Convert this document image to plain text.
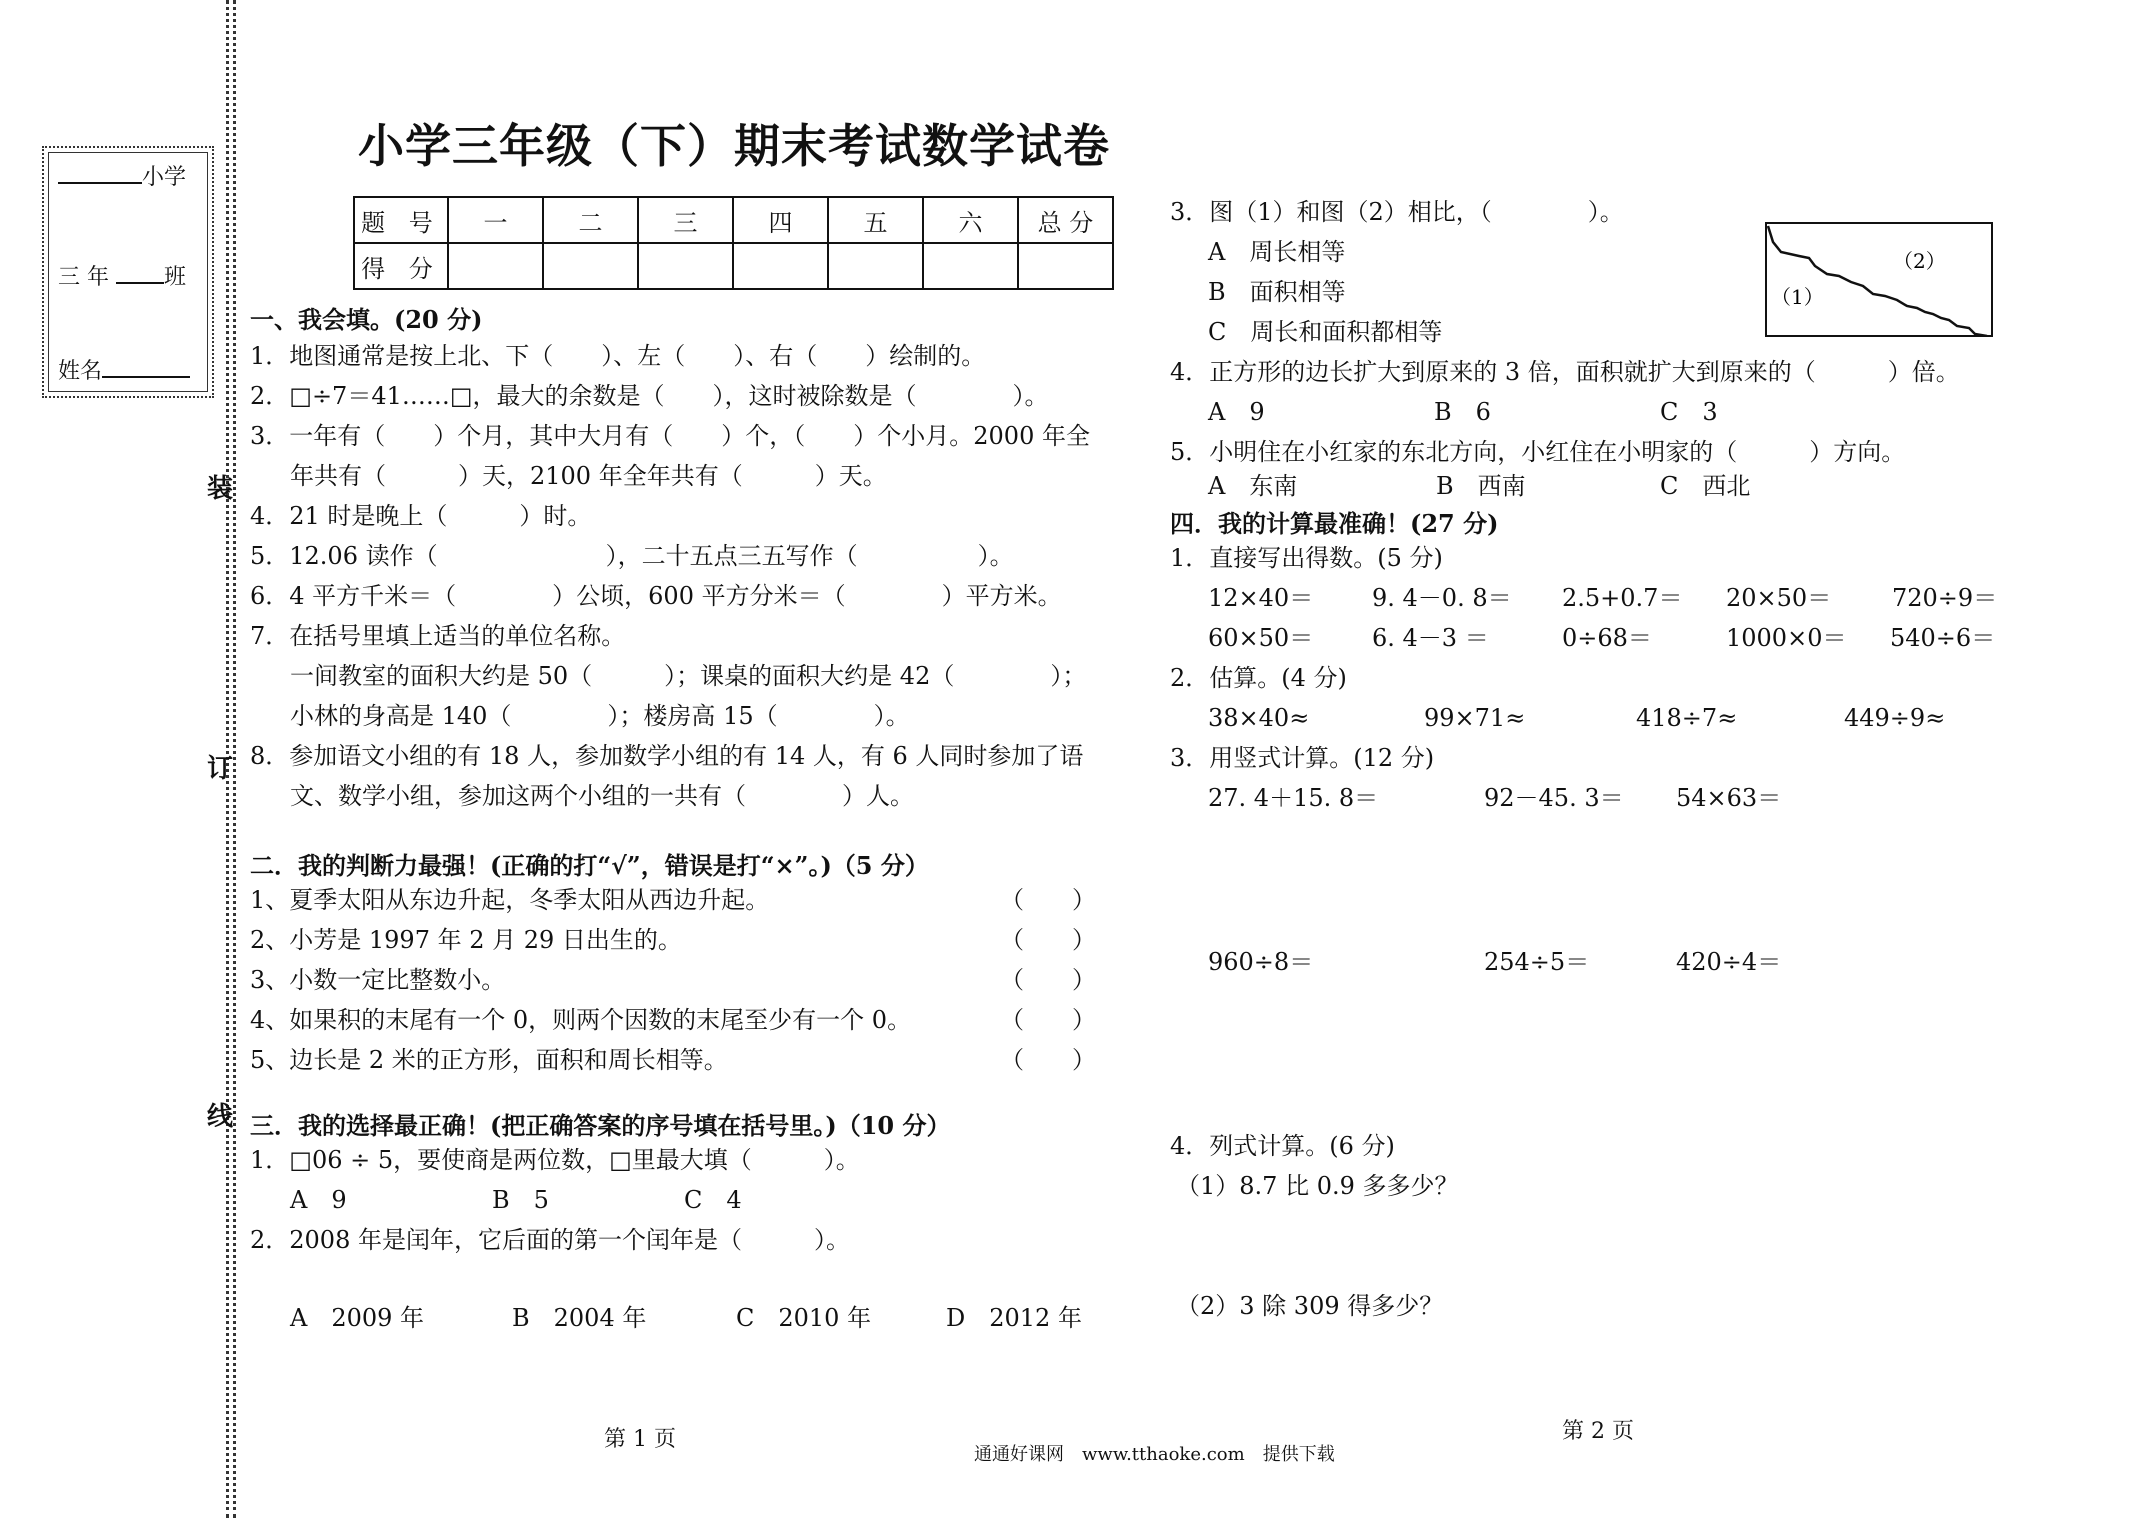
小学
三 年	班
姓名
装
订
线
小学三年级（下）期末考试数学试卷
题 号	一	二	三	四	五	六	总 分
得 分							
一、我会填。(20 分)
1．地图通常是按上北、下（　　）、左（　　）、右（　　）绘制的。
2．□÷7＝41……□，最大的余数是（　　），这时被除数是（　　　　）。
3．一年有（　　）个月，其中大月有（　　）个，（　　）个小月。2000 年全
年共有（　　　）天，2100 年全年共有（　　　）天。
4．21 时是晚上（　　　）时。
5．12.06 读作（　　　　　　　），二十五点三五写作（　　　　　）。
6．4 平方千米＝（　　　　）公顷，600 平方分米＝（　　　　）平方米。
7．在括号里填上适当的单位名称。
一间教室的面积大约是 50（　　　）；课桌的面积大约是 42（　　　　）；
小林的身高是 140（　　　　）；楼房高 15（　　　　）。
8．参加语文小组的有 18 人，参加数学小组的有 14 人，有 6 人同时参加了语
文、数学小组，参加这两个小组的一共有（　　　　）人。
二．我的判断力最强！(正确的打“√”，错误是打“×”。)（5 分）
1、夏季太阳从东边升起，冬季太阳从西边升起。	（　　）
2、小芳是 1997 年 2 月 29 日出生的。	（　　）
3、小数一定比整数小。	（　　）
4、如果积的末尾有一个 0，则两个因数的末尾至少有一个 0。	（　　）
5、边长是 2 米的正方形，面积和周长相等。	（　　）
三．我的选择最正确！(把正确答案的序号填在括号里。)（10 分）
1．□06 ÷ 5，要使商是两位数，□里最大填（　　　）。
A　9	B　5	C　4
2．2008 年是闰年，它后面的第一个闰年是（　　　）。
A　2009 年	B　2004 年	C　2010 年	D　2012 年
第 1 页
3．图（1）和图（2）相比，（　　　　）。
A　周长相等
B　面积相等
C　周长和面积都相等
（1）
（2）
4．正方形的边长扩大到原来的 3 倍，面积就扩大到原来的（　　　）倍。
A　9	B　6	C　3
5．小明住在小红家的东北方向，小红住在小明家的（　　　）方向。
A　东南	B　西南	C　西北
四．我的计算最准确！(27 分)
1．直接写出得数。(5 分)
12×40＝ 9. 4－0. 8＝ 2.5+0.7＝ 20×50＝	720÷9＝
60×50＝ 6. 4－3 ＝	0÷68＝	1000×0＝ 540÷6＝
2．估算。(4 分)
38×40≈	99×71≈	418÷7≈	449÷9≈
3．用竖式计算。(12 分)
27. 4＋15. 8＝	92－45. 3＝ 54×63＝
960÷8＝	254÷5＝	420÷4＝
4．列式计算。(6 分)
（1）8.7 比 0.9 多多少？
（2）3 除 309 得多少？
第 2 页
通通好课网　www.tthaoke.com　提供下载
